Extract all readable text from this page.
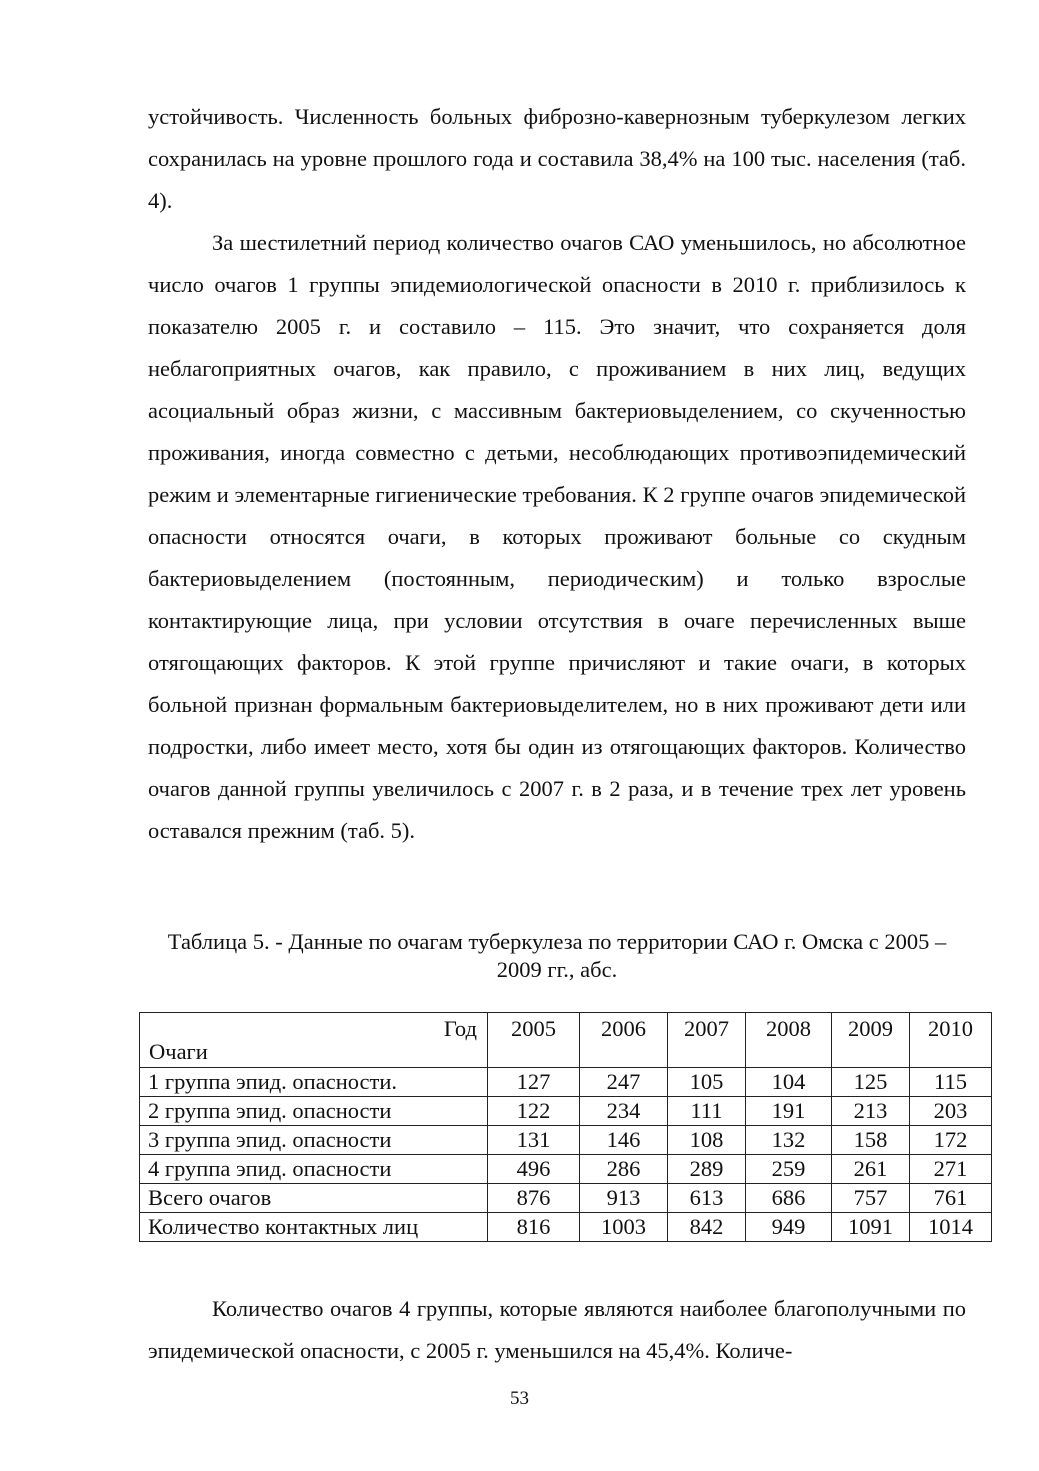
устойчивость. Численность больных фиброзно-кавернозным туберкулезом легких сохранилась на уровне прошлого года и составила 38,4% на 100 тыс. населения (таб. 4).

За шестилетний период количество очагов САО уменьшилось, но абсолютное число очагов 1 группы эпидемиологической опасности в 2010 г. приблизилось к показателю 2005 г. и составило – 115. Это значит, что сохраняется доля неблагоприятных очагов, как правило, с проживанием в них лиц, ведущих асоциальный образ жизни, с массивным бактериовыделением, со скученностью проживания, иногда совместно с детьми, несоблюдающих противоэпидемический режим и элементарные гигиенические требования. К 2 группе очагов эпидемической опасности относятся очаги, в которых проживают больные со скудным бактериовыделением (постоянным, периодическим) и только взрослые контактирующие лица, при условии отсутствия в очаге перечисленных выше отягощающих факторов. К этой группе причисляют и такие очаги, в которых больной признан формальным бактериовыделителем, но в них проживают дети или подростки, либо имеет место, хотя бы один из отягощающих факторов. Количество очагов данной группы увеличилось с 2007 г. в 2 раза, и в течение трех лет уровень оставался прежним (таб. 5).

Таблица 5. - Данные по очагам туберкулеза по территории САО г. Омска с 2005 – 2009 гг., абс.

Год
Очаги	2005	2006	2007	2008	2009	2010
1 группа эпид. опасности.	127	247	105	104	125	115
2 группа эпид. опасности	122	234	111	191	213	203
3 группа эпид. опасности	131	146	108	132	158	172
4 группа эпид. опасности	496	286	289	259	261	271
Всего очагов	876	913	613	686	757	761
Количество контактных лиц	816	1003	842	949	1091	1014

Количество очагов 4 группы, которые являются наиболее благополучными по эпидемической опасности, с 2005 г. уменьшился на 45,4%. Количе-

53
